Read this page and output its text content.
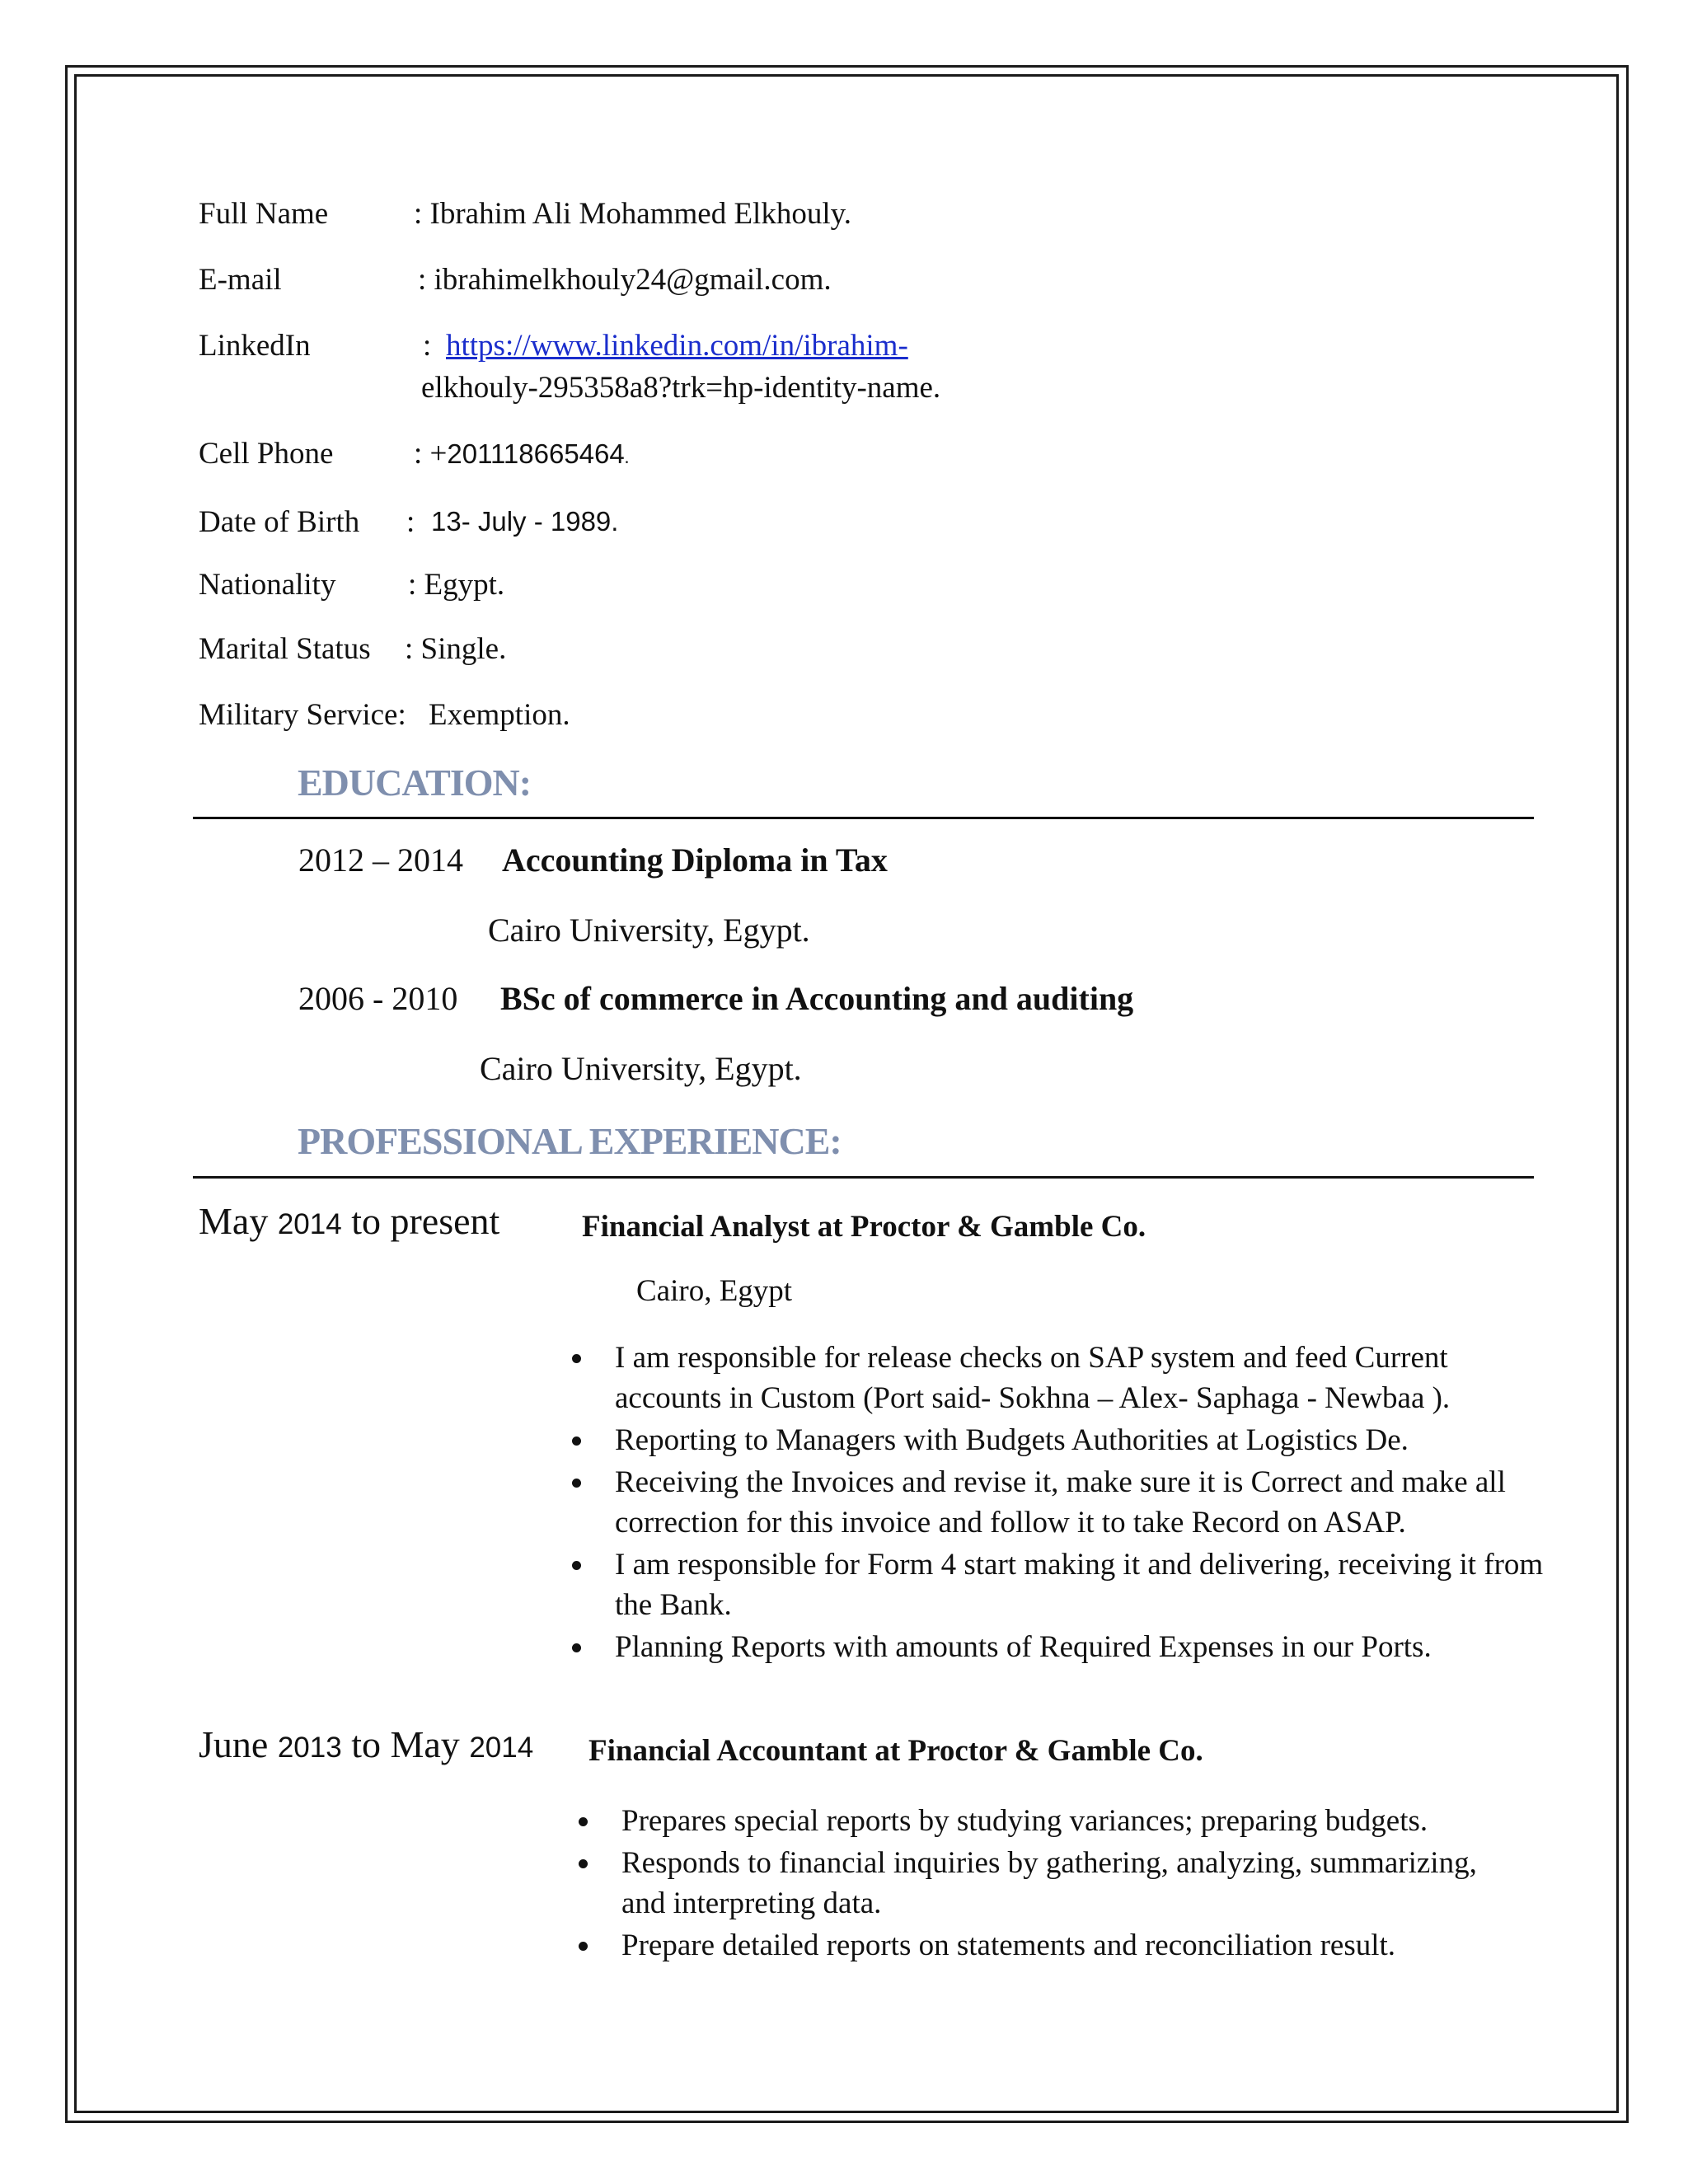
Full Name	: Ibrahim Ali Mohammed Elkhouly.
E-mail	: ibrahimelkhouly24@gmail.com.
LinkedIn	: https://www.linkedin.com/in/ibrahim-
elkhouly-295358a8?trk=hp-identity-name.
Cell Phone	: +201118665464.
Date of Birth : 13- July - 1989.
Nationality : Egypt.
Marital Status : Single.
Military Service: Exemption.
EDUCATION:
2012 – 2014 Accounting Diploma in Tax
Cairo University, Egypt.
2006 - 2010 BSc of commerce in Accounting and auditing
Cairo University, Egypt.
PROFESSIONAL EXPERIENCE:
May 2014 to present	Financial Analyst at Proctor & Gamble Co.
Cairo, Egypt
I am responsible for release checks on SAP system and feed Current accounts in Custom (Port said- Sokhna – Alex- Saphaga - Newbaa ).
Reporting to Managers with Budgets Authorities at Logistics De.
Receiving the Invoices and revise it, make sure it is Correct and make all correction for this invoice and follow it to take Record on ASAP.
I am responsible for Form 4 start making it and delivering, receiving it from the Bank.
Planning Reports with amounts of Required Expenses in our Ports.
June 2013 to May 2014 Financial Accountant at Proctor & Gamble Co.
Prepares special reports by studying variances; preparing budgets.
Responds to financial inquiries by gathering, analyzing, summarizing, and interpreting data.
Prepare detailed reports on statements and reconciliation result.
